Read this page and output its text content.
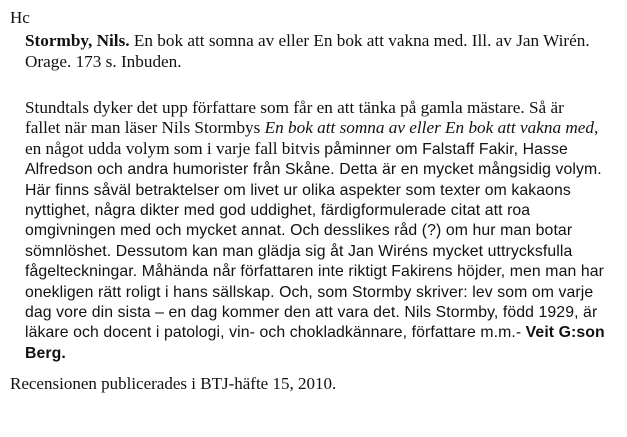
Hc
Stormby, Nils. En bok att somna av eller En bok att vakna med. Ill. av Jan Wirén.
Orage. 173 s. Inbuden.
Stundtals dyker det upp författare som får en att tänka på gamla mästare. Så är
fallet när man läser Nils Stormbys En bok att somna av eller En bok att vakna med,
en något udda volym som i varje fall bitvis påminner om Falstaff Fakir, Hasse
Alfredson och andra humorister från Skåne. Detta är en mycket mångsidig volym.
Här finns såväl betraktelser om livet ur olika aspekter som texter om kakaons
nyttighet, några dikter med god uddighet, färdigformulerade citat att roa
omgivningen med och mycket annat. Och desslikes råd (?) om hur man botar
sömnlöshet. Dessutom kan man glädja sig åt Jan Wiréns mycket uttrycksfulla
fågelteckningar. Måhända når författaren inte riktigt Fakirens höjder, men man har
onekligen rätt roligt i hans sällskap. Och, som Stormby skriver: lev som om varje
dag vore din sista – en dag kommer den att vara det. Nils Stormby, född 1929, är
läkare och docent i patologi, vin- och chokladkännare, författare m.m.- Veit G:son
Berg.
Recensionen publicerades i BTJ-häfte 15, 2010.
